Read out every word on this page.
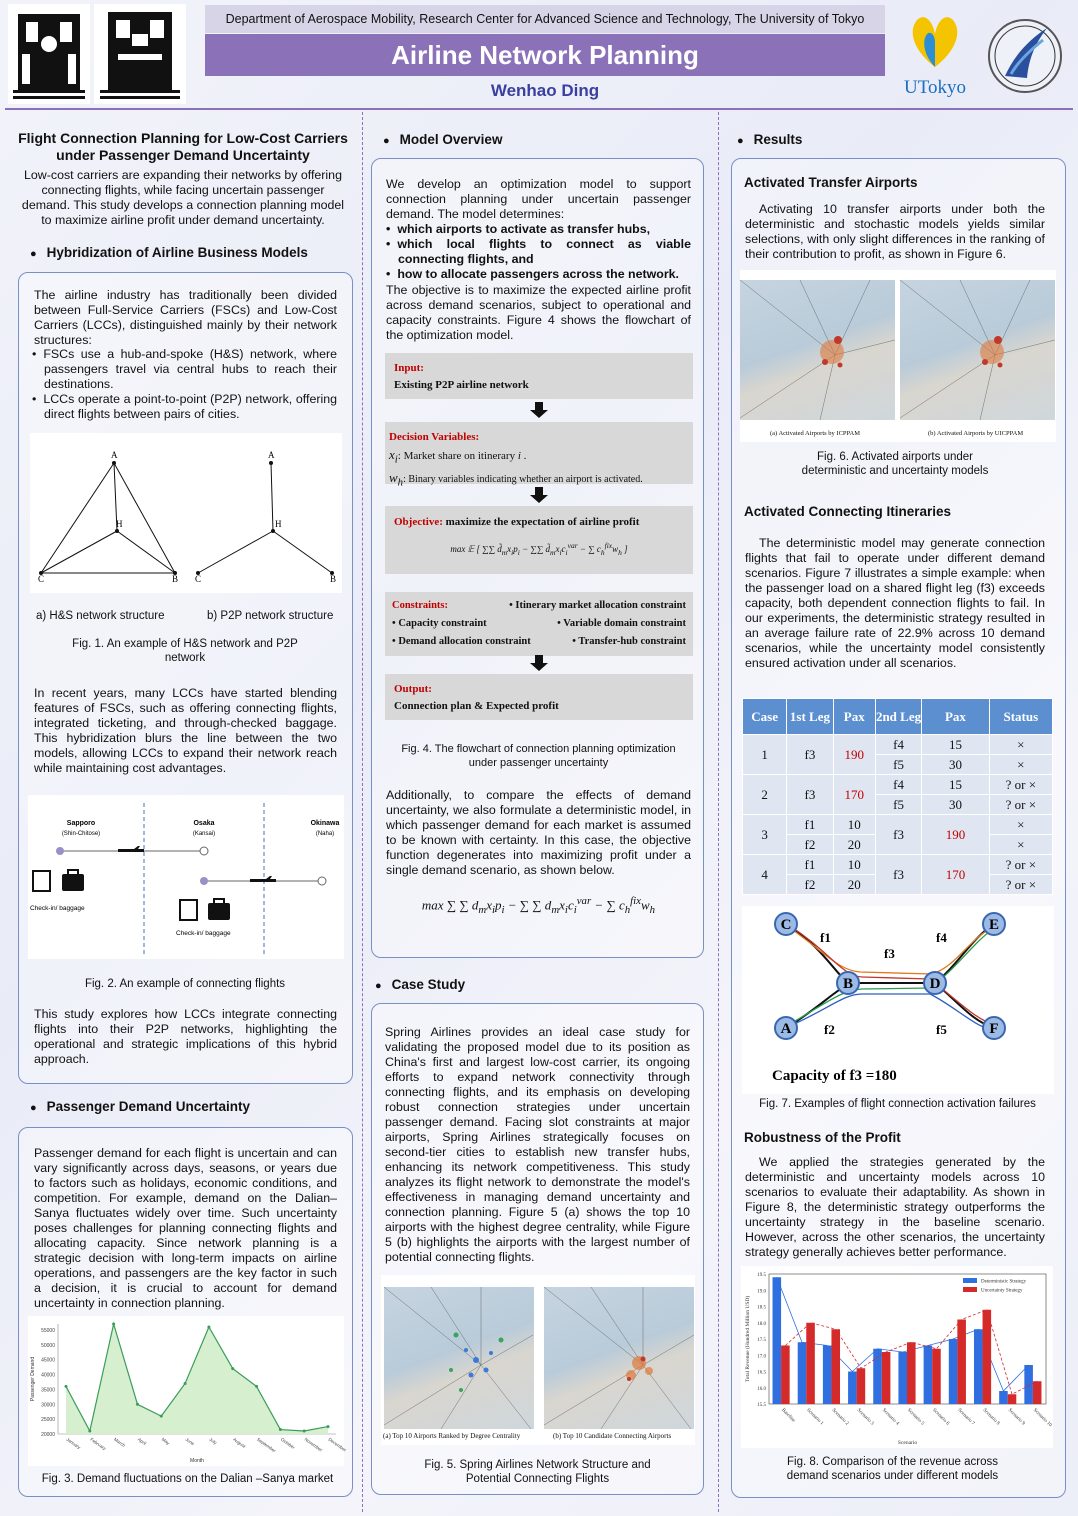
Department of Aerospace Mobility, Research Center for Advanced Science and Technology, The University of Tokyo
Airline Network Planning
Wenhao Ding	UTokyo
Flight Connection Planning for Low-Cost Carriers under Passenger Demand Uncertainty
Low-cost carriers are expanding their networks by offering connecting flights, while facing uncertain passenger demand. This study develops a connection planning model to maximize airline profit under demand uncertainty.
● Hybridization of Airline Business Models

The airline industry has traditionally been divided between Full-Service Carriers (FSCs) and Low-Cost Carriers (LCCs), distinguished mainly by their network structures:

• FSCs use a hub-and-spoke (H&S) network, where passengers travel via central hubs to reach their destinations.
• LCCs operate a point-to-point (P2P) network, offering direct flights between pairs of cities.
A
H
C	B
A
H
C	B
a) H&S network structure	b) P2P network structure
Fig. 1. An example of H&S network and P2P network

In recent years, many LCCs have started blending features of FSCs, such as offering connecting flights, integrated ticketing, and through-checked baggage. This hybridization blurs the line between the two models, allowing LCCs to expand their network reach while maintaining cost advantages.

Sapporo
(Shin-Chitose)
Osaka
(Kansai)
Okinawa
(Naha)
Check-in/ baggage
Check-in/ baggage
Fig. 2. An example of connecting flights

This study explores how LCCs integrate connecting flights into their P2P networks, highlighting the operational and strategic implications of this hybrid approach.

● Passenger Demand Uncertainty

Passenger demand for each flight is uncertain and can vary significantly across days, seasons, or years due to factors such as holidays, economic conditions, and competition. For example, demand on the Dalian–Sanya fluctuates widely over time. Such uncertainty poses challenges for planning connecting flights and allocating capacity. Since network planning is a strategic decision with long-term impacts on airline operations, and passengers are the key factor in such a decision, it is crucial to account for demand uncertainty in connection planning.

20000
25000
30000
35000
40000
45000
50000
55000
January February March April	May	June	July	August September October November December
Month
Passenger Demand
Fig. 3. Demand fluctuations on the Dalian –Sanya market
● Model Overview

We develop an optimization model to support connection planning under uncertain passenger demand. The model determines:

• which airports to activate as transfer hubs,
• which local flights to connect as viable connecting flights, and
• how to allocate passengers across the network.

The objective is to maximize the expected airline profit across demand scenarios, subject to operational and capacity constraints. Figure 4 shows the flowchart of the optimization model.

Input:
Existing P2P airline network
Decision Variables:
$x_i$: Market share on itinerary i .
$w_h$: Binary variables indicating whether an airport is activated.
Objective: maximize the expectation of airline profit
max 𝔼 [ ∑∑ $d̃_mx_ip_i$ − ∑∑ $d̃_mx_ic_i^{var}$ − ∑ $c_h^{fix}w_h$ ]
Constraints:	• Itinerary market allocation constraint
• Capacity constraint	• Variable domain constraint
• Demand allocation constraint	• Transfer-hub constraint
Output:
Connection plan & Expected profit
Fig. 4. The flowchart of connection planning optimization under passenger uncertainty

Additionally, to compare the effects of demand uncertainty, we also formulate a deterministic model, in which passenger demand for each market is assumed to be known with certainty. In this case, the objective function degenerates into maximizing profit under a single demand scenario, as shown below.

max ∑ ∑ $d_mx_ip_i$ − ∑ ∑ $d_mx_ic_i^{var}$ − ∑ $c_h^{fix}w_h$
● Case Study

Spring Airlines provides an ideal case study for validating the proposed model due to its position as China's first and largest low-cost carrier, its ongoing efforts to expand network connectivity through connecting flights, and its emphasis on developing robust connection strategies under uncertain passenger demand. Facing slot constraints at major airports, Spring Airlines strategically focuses on second-tier cities to establish new transfer hubs, enhancing its network competitiveness. This study analyzes its flight network to demonstrate the model's effectiveness in managing demand uncertainty and connection planning. Figure 5 (a) shows the top 10 airports with the highest degree centrality, while Figure 5 (b) highlights the airports with the largest number of potential connecting flights.

(a) Top 10 Airports Ranked by Degree Centrality	(b) Top 10 Candidate Connecting Airports
Fig. 5. Spring Airlines Network Structure and Potential Connecting Flights
● Results
Activated Transfer Airports

Activating 10 transfer airports under both the deterministic and stochastic models yields similar selections, with only slight differences in the ranking of their contribution to profit, as shown in Figure 6.

(a) Activated Airports by ICPPAM	(b) Activated Airports by UICPPAM
Fig. 6. Activated airports under deterministic and uncertainty models
Activated Connecting Itineraries

The deterministic model may generate connection flights that fail to operate under different demand scenarios. Figure 7 illustrates a simple example: when the passenger load on a shared flight leg (f3) exceeds capacity, both dependent connection flights to fail. In our experiments, the deterministic strategy resulted in an average failure rate of 22.9% across 10 demand scenarios, while the uncertainty model consistently ensured activation under all scenarios.

Case	1st Leg	Pax	2nd Leg	Pax	Status
1	f3	190	f4	15	×
			f5	30	×
2	f3	170	f4	15	? or ×
			f5	30	? or ×
3	f1	10	f3	190	×
	f2	20			×
4	f1	10	f3	170	? or ×
	f2	20			? or ×
C	E
B	D
A	F
f1
f3
f4
f2	f5
Capacity of f3 =180
Fig. 7. Examples of flight connection activation failures
Robustness of the Profit

We applied the strategies generated by the deterministic and uncertainty models across 10 scenarios to evaluate their adaptability. As shown in Figure 8, the deterministic strategy outperforms the uncertainty strategy in the baseline scenario. However, across the other scenarios, the uncertainty strategy generally achieves better performance.

15.5
16.0
16.5
17.0
17.5
18.0
18.5
19.0
19.5
Baseline Scenario 1 Scenario 2 Scenario 3 Scenario 4 Scenario 5 Scenario 6 Scenario 7 Scenario 8 Scenario 9 Scenario 10
Scenario
Total Revenue (Hundred Million USD)
Deterministic Strategy
Uncertainty Strategy
Fig. 8. Comparison of the revenue across demand scenarios under different models
